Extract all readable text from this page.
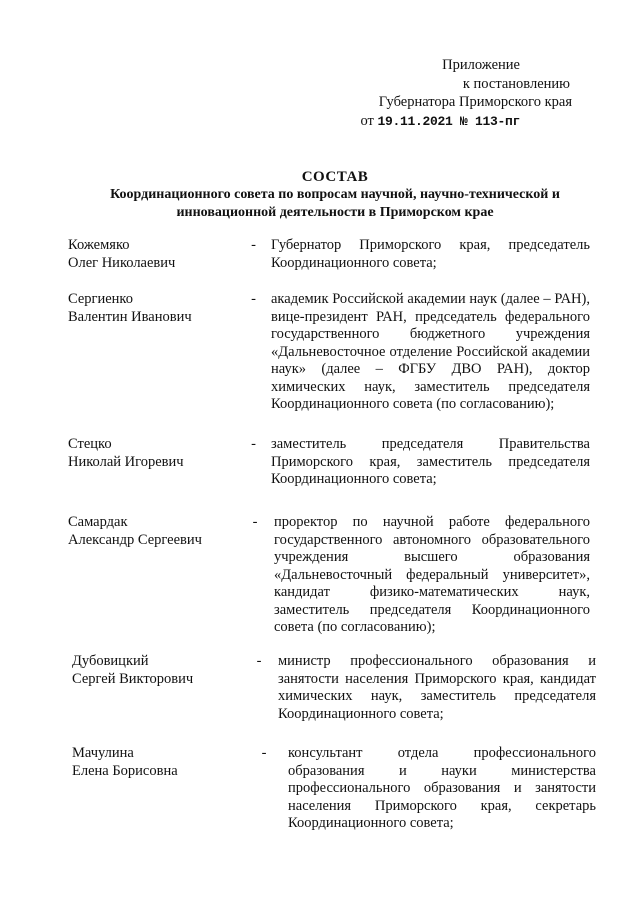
Приложение
к постановлению
Губернатора Приморского края
от 19.11.2021 № 113-пг
СОСТАВ
Координационного совета по вопросам научной, научно-технической и
инновационной деятельности в Приморском крае
Кожемяко
Олег Николаевич
-	Губернатор Приморского края, председатель Координационного совета;
Сергиенко
Валентин Иванович
-	академик Российской академии наук (далее – РАН), вице-президент РАН, председатель федерального государственного бюджетного учреждения «Дальневосточное отделение Российской академии наук» (далее – ФГБУ ДВО РАН), доктор химических наук, заместитель председателя Координационного совета (по согласованию);
Стецко
Николай Игоревич
-	заместитель председателя Правительства Приморского края, заместитель председателя Координационного совета;
Самардак
Александр Сергеевич
-	проректор по научной работе федерального государственного автономного образовательного учреждения высшего образования «Дальневосточный федеральный университет», кандидат физико-математических наук, заместитель председателя Координационного совета (по согласованию);
Дубовицкий
Сергей Викторович
-	министр профессионального образования и занятости населения Приморского края, кандидат химических наук, заместитель председателя Координационного совета;
Мачулина
Елена Борисовна
-	консультант отдела профессионального образования и науки министерства профессионального образования и занятости населения Приморского края, секретарь Координационного совета;
